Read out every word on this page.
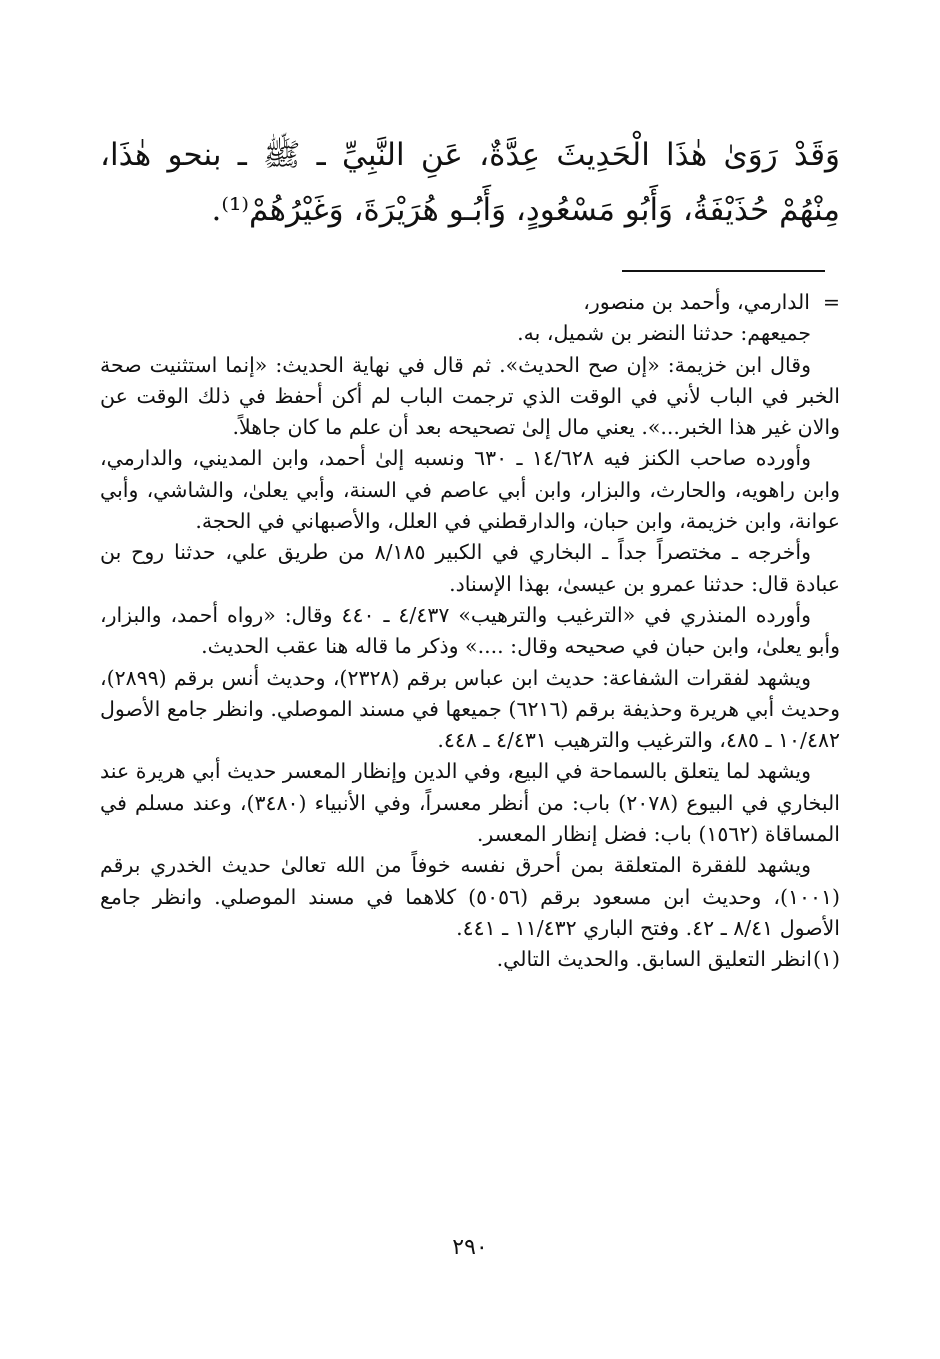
وَقَدْ رَوَىٰ هٰذَا الْحَدِيثَ عِدَّةٌ، عَنِ النَّبِيِّ ـ ﷺ ـ بنحو هٰذَا، مِنْهُمْ حُذَيْفَةُ، وَأَبُو مَسْعُودٍ، وَأَبُـو هُرَيْرَةَ، وَغَيْرُهُمْ⁽¹⁾.

=الدارمي، وأحمد بن منصور،

جميعهم: حدثنا النضر بن شميل، به.

وقال ابن خزيمة: «إن صح الحديث». ثم قال في نهاية الحديث: «إنما استثنيت صحة الخبر في الباب لأني في الوقت الذي ترجمت الباب لم أكن أحفظ في ذلك الوقت عن والان غير هذا الخبر...». يعني مال إلىٰ تصحيحه بعد أن علم ما كان جاهلاً.

وأورده صاحب الكنز فيه ١٤/٦٢٨ ـ ٦٣٠ ونسبه إلىٰ أحمد، وابن المديني، والدارمي، وابن راهويه، والحارث، والبزار، وابن أبي عاصم في السنة، وأبي يعلىٰ، والشاشي، وأبي عوانة، وابن خزيمة، وابن حبان، والدارقطني في العلل، والأصبهاني في الحجة.

وأخرجه ـ مختصراً جداً ـ البخاري في الكبير ٨/١٨٥ من طريق علي، حدثنا روح بن عبادة قال: حدثنا عمرو بن عيسىٰ، بهذا الإسناد.

وأورده المنذري في «الترغيب والترهيب» ٤/٤٣٧ ـ ٤٤٠ وقال: «رواه أحمد، والبزار، وأبو يعلىٰ، وابن حبان في صحيحه وقال: ....» وذكر ما قاله هنا عقب الحديث.

ويشهد لفقرات الشفاعة: حديث ابن عباس برقم (٢٣٢٨)، وحديث أنس برقم (٢٨٩٩)، وحديث أبي هريرة وحذيفة برقم (٦٢١٦) جميعها في مسند الموصلي. وانظر جامع الأصول ١٠/٤٨٢ ـ ٤٨٥، والترغيب والترهيب ٤/٤٣١ ـ ٤٤٨.

ويشهد لما يتعلق بالسماحة في البيع، وفي الدين وإنظار المعسر حديث أبي هريرة عند البخاري في البيوع (٢٠٧٨) باب: من أنظر معسراً، وفي الأنبياء (٣٤٨٠)، وعند مسلم في المساقاة (١٥٦٢) باب: فضل إنظار المعسر.

ويشهد للفقرة المتعلقة بمن أحرق نفسه خوفاً من الله تعالىٰ حديث الخدري برقم (١٠٠١)، وحديث ابن مسعود برقم (٥٠٥٦) كلاهما في مسند الموصلي. وانظر جامع الأصول ٨/٤١ ـ ٤٢. وفتح الباري ١١/٤٣٢ ـ ٤٤١.

(١)انظر التعليق السابق. والحديث التالي.

٢٩٠
